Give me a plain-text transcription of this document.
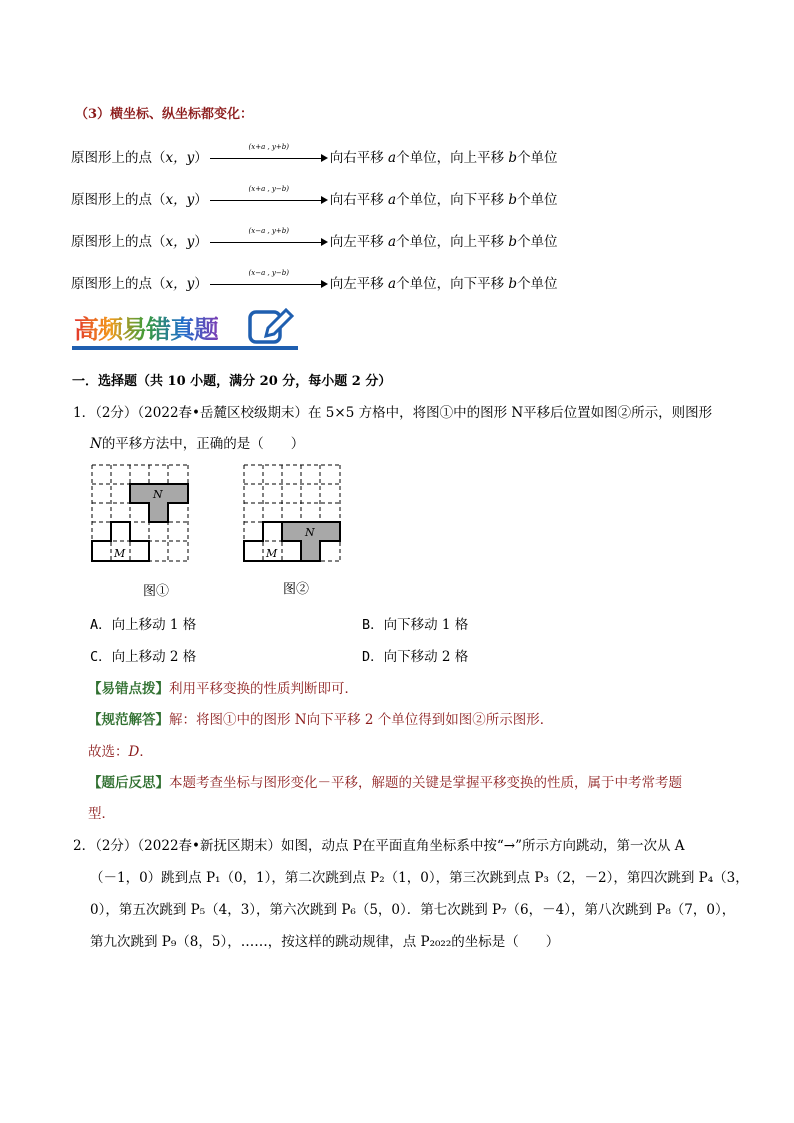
（3）横坐标、纵坐标都变化：
原图形上的点（x，y）
(x+a , y+b)
向右平移 a个单位，向上平移 b个单位
原图形上的点（x，y）
(x+a , y−b)
向右平移 a个单位，向下平移 b个单位
原图形上的点（x，y）
(x−a , y+b)
向左平移 a个单位，向上平移 b个单位
原图形上的点（x，y）
(x−a , y−b)
向左平移 a个单位，向下平移 b个单位
高频易错真题
一．选择题（共 10 小题，满分 20 分，每小题 2 分）
1．（2分）（2022春•岳麓区校级期末）在 5×5 方格中，将图①中的图形 N平移后位置如图②所示，则图形
N的平移方法中，正确的是（　　）
N
M
图①
N
M
图②
A．向上移动 1 格	B．向下移动 1 格
C．向上移动 2 格	D．向下移动 2 格
【易错点拨】利用平移变换的性质判断即可．
【规范解答】解：将图①中的图形 N向下平移 2 个单位得到如图②所示图形．
故选：D．
【题后反思】本题考查坐标与图形变化－平移，解题的关键是掌握平移变换的性质，属于中考常考题
型．
2．（2分）（2022春•新抚区期末）如图，动点 P在平面直角坐标系中按“→”所示方向跳动，第一次从 A
（－1，0）跳到点 P₁（0，1），第二次跳到点 P₂（1，0），第三次跳到点 P₃（2，－2），第四次跳到 P₄（3，
0），第五次跳到 P₅（4，3），第六次跳到 P₆（5，0）．第七次跳到 P₇（6，－4），第八次跳到 P₈（7，0），
第九次跳到 P₉（8，5），……，按这样的跳动规律，点 P₂₀₂₂的坐标是（　　）
